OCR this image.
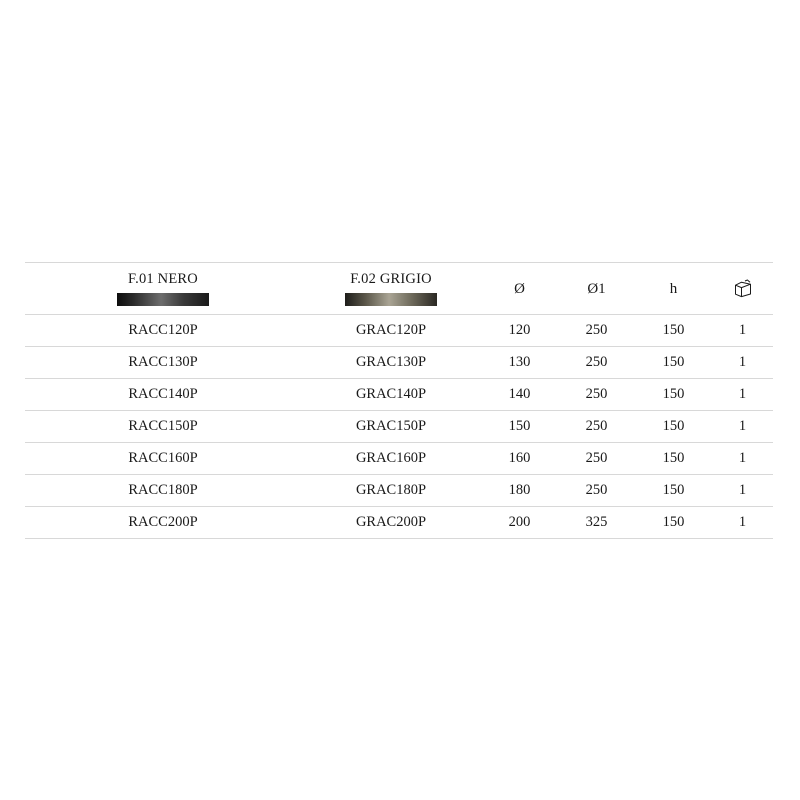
F.01 NERO	F.02 GRIGIO	Ø	Ø1	h	
RACC120P	GRAC120P	120	250	150	1
RACC130P	GRAC130P	130	250	150	1
RACC140P	GRAC140P	140	250	150	1
RACC150P	GRAC150P	150	250	150	1
RACC160P	GRAC160P	160	250	150	1
RACC180P	GRAC180P	180	250	150	1
RACC200P	GRAC200P	200	325	150	1
